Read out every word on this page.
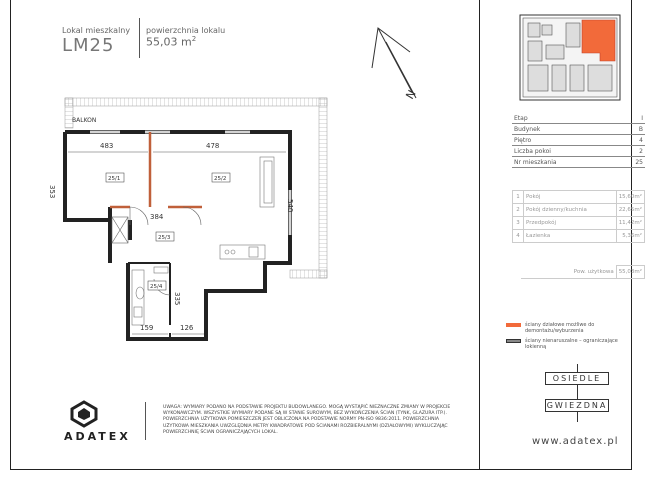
Lokal mieszkalny
LM25
powierzchnia lokalu
55,03 $m^2$
N
BALKON
483	478
353
540
384
335
159	126
25/1	25/2
25/3
25/4
Etap	I
Budynek	B
Piętro	4
Liczba pokoi	2
Nr mieszkania	25
1	Pokój	15,60m²
2	Pokój dzienny/kuchnia	22,65m²
3	Przedpokój	11,42m²
4	Łazienka	5,36m²
	Pow. użytkowa	55,03m²
ściany działowe możliwe do demontażu/wyburzenia
ściany nienaruszalne – ograniczające lokienną
OSIEDLE
GWIEZDNA
www.adatex.pl
ADATEX
UWAGA: WYMIARY PODANO NA PODSTAWIE PROJEKTU BUDOWLANEGO. MOGĄ WYSTĄPIĆ NIEZNACZNE ZMIANY W PROJEKCIE WYKONAWCZYM. WSZYSTKIE WYMIARY PODANE SĄ W STANIE SUROWYM, BEZ WYKOŃCZENIA ŚCIAN (TYNK, GLAZURA ITP.). POWIERZCHNIA UŻYTKOWA POMIESZCZEŃ JEST OBLICZONA NA PODSTAWIE NORMY PN-ISO 9836:2011. POWIERZCHNIA UŻYTKOWA MIESZKANIA UWZGLĘDNIA METRY KWADRATOWE POD ŚCIANAMI ROZBIERALNYMI (DZIAŁOWYMI) WYKLUCZAJĄC POWIERZCHNIĘ ŚCIAN OGRANICZAJĄCYCH LOKAL.
